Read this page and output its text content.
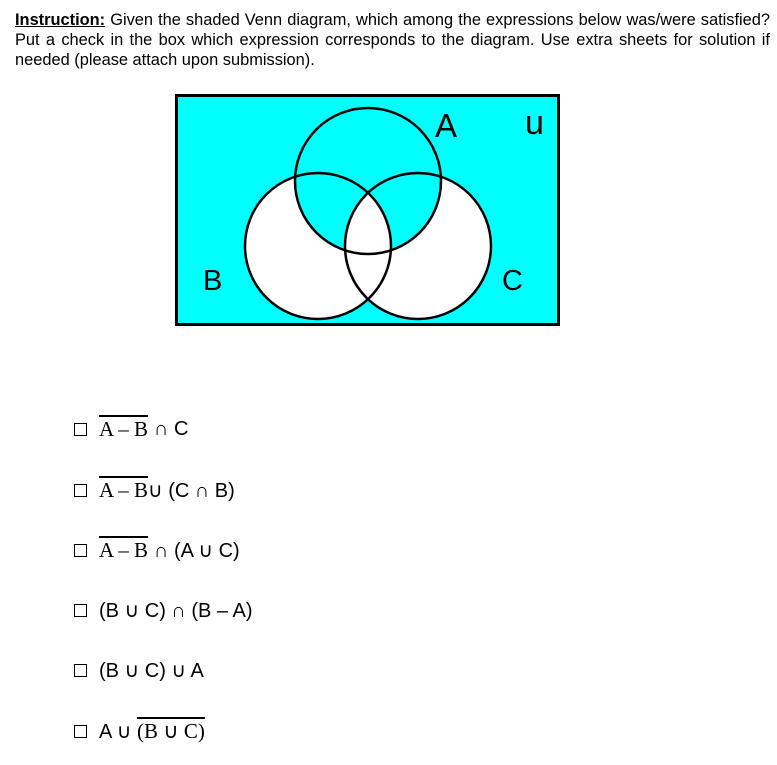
Instruction: Given the shaded Venn diagram, which among the expressions below was/were satisfied? Put a check in the box which expression corresponds to the diagram. Use extra sheets for solution if needed (please attach upon submission).
A u
B	C
A – B ∩ C
A – B ∪ (C ∩ B)
A – B ∩ (A ∪ C)
(B ∪ C) ∩ (B – A)
(B ∪ C) ∪ A
A ∪ (B ∪ C)
